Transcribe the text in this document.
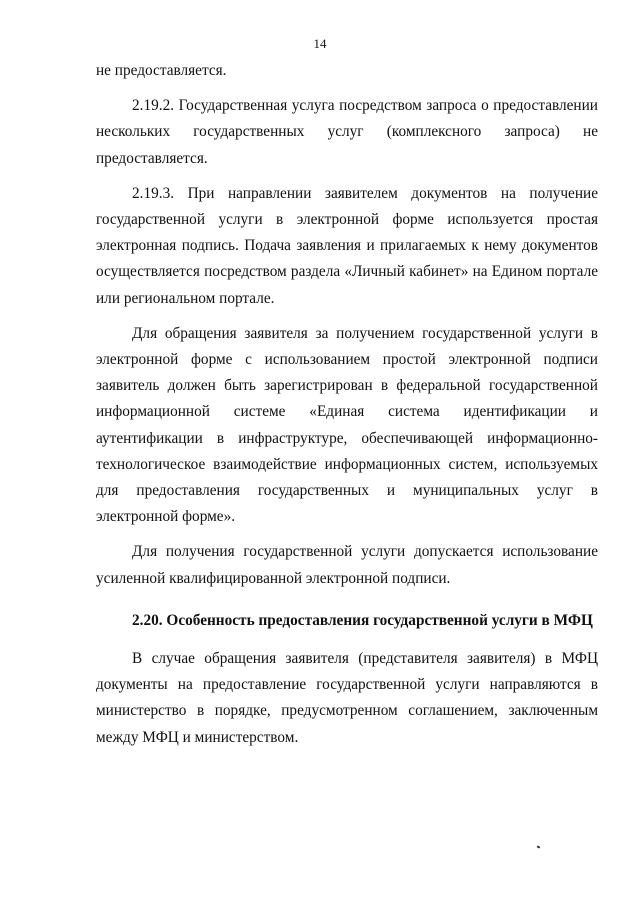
14

не предоставляется.

2.19.2. Государственная услуга посредством запроса о предоставлении нескольких государственных услуг (комплексного запроса) не предоставляется.

2.19.3. При направлении заявителем документов на получение государственной услуги в электронной форме используется простая электронная подпись. Подача заявления и прилагаемых к нему документов осуществляется посредством раздела «Личный кабинет» на Едином портале или региональном портале.

Для обращения заявителя за получением государственной услуги в электронной форме с использованием простой электронной подписи заявитель должен быть зарегистрирован в федеральной государственной информационной системе «Единая система идентификации и аутентификации в инфраструктуре, обеспечивающей информационно-технологическое взаимодействие информационных систем, используемых для предоставления государственных и муниципальных услуг в электронной форме».

Для получения государственной услуги допускается использование усиленной квалифицированной электронной подписи.

2.20. Особенность предоставления государственной услуги в МФЦ

В случае обращения заявителя (представителя заявителя) в МФЦ документы на предоставление государственной услуги направляются в министерство в порядке, предусмотренном соглашением, заключенным между МФЦ и министерством.
